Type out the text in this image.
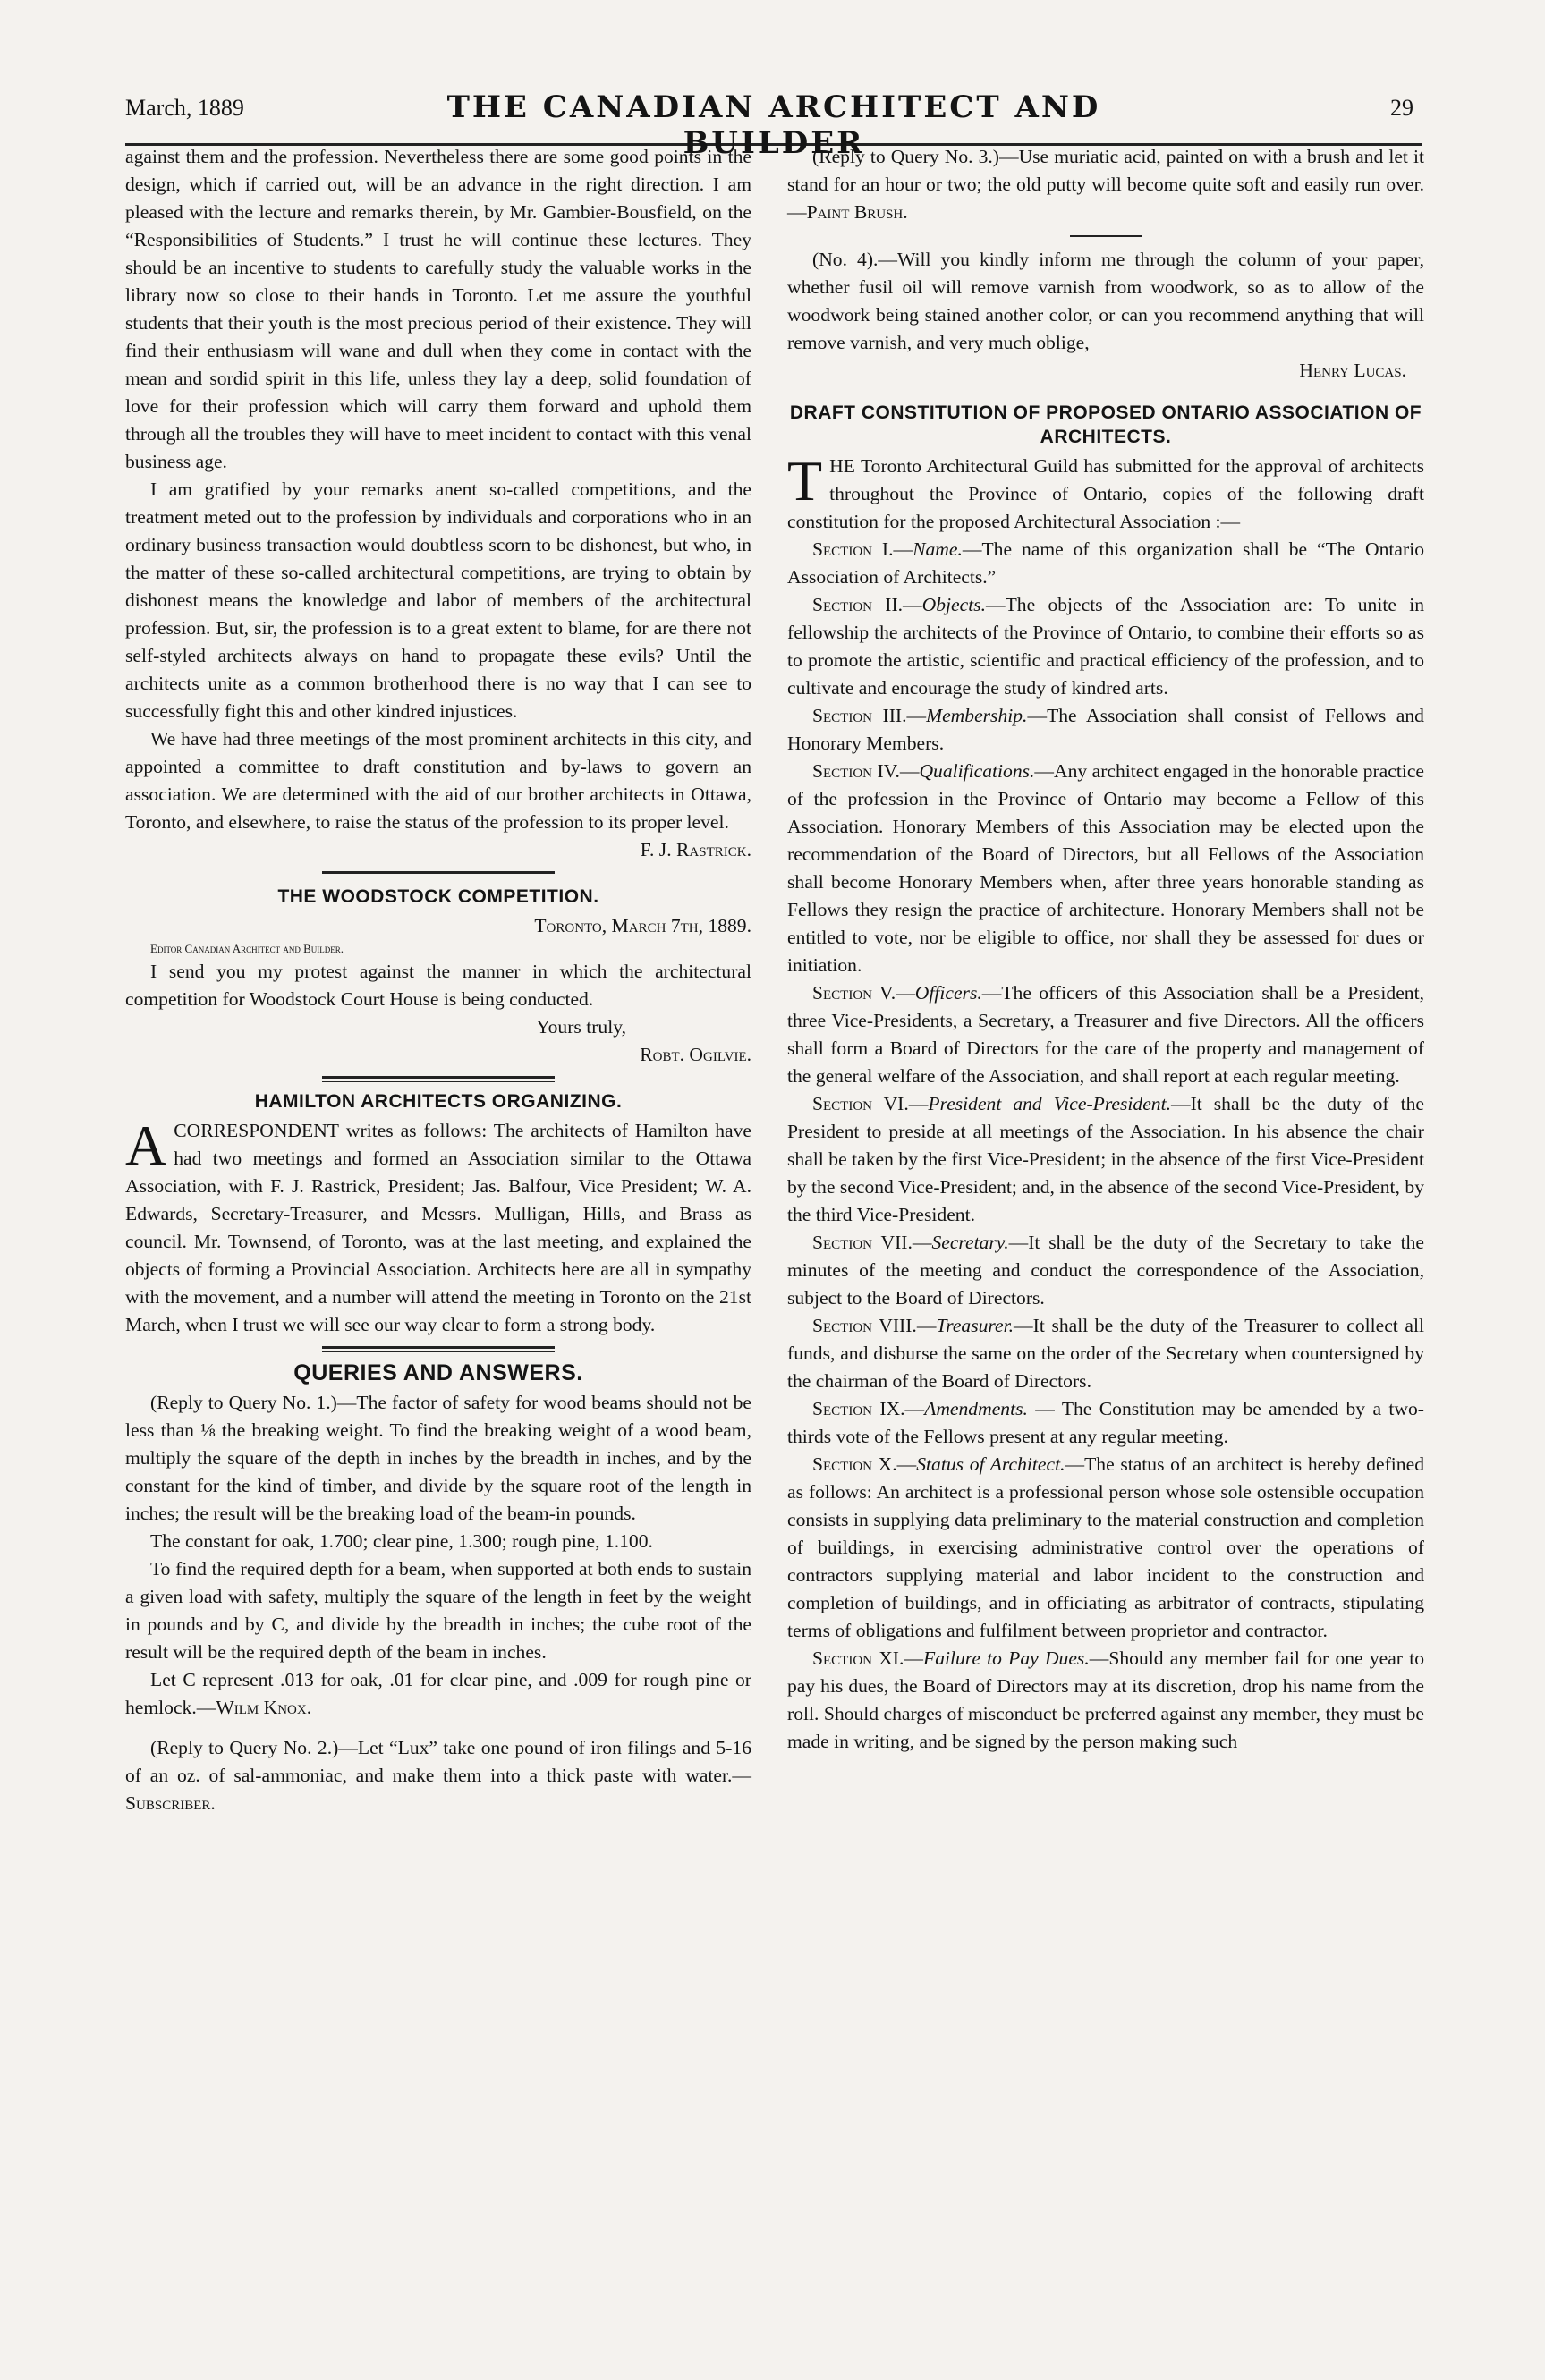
March, 1889	THE CANADIAN ARCHITECT AND BUILDER
29

against them and the profession. Nevertheless there are some good points in the design, which if carried out, will be an advance in the right direction. I am pleased with the lecture and remarks therein, by Mr. Gambier-Bousfield, on the “Responsibilities of Students.” I trust he will continue these lectures. They should be an incentive to students to carefully study the valuable works in the library now so close to their hands in Toronto. Let me assure the youthful students that their youth is the most precious period of their existence. They will find their enthusiasm will wane and dull when they come in contact with the mean and sordid spirit in this life, unless they lay a deep, solid foundation of love for their profession which will carry them forward and uphold them through all the troubles they will have to meet incident to contact with this venal business age.

I am gratified by your remarks anent so-called competitions, and the treatment meted out to the profession by individuals and corporations who in an ordinary business transaction would doubtless scorn to be dishonest, but who, in the matter of these so-called architectural competitions, are trying to obtain by dishonest means the knowledge and labor of members of the architectural profession. But, sir, the profession is to a great extent to blame, for are there not self-styled architects always on hand to propagate these evils? Until the architects unite as a common brotherhood there is no way that I can see to successfully fight this and other kindred injustices.

We have had three meetings of the most prominent architects in this city, and appointed a committee to draft constitution and by-laws to govern an association. We are determined with the aid of our brother architects in Ottawa, Toronto, and elsewhere, to raise the status of the profession to its proper level.

F. J. Rastrick.

THE WOODSTOCK COMPETITION.

Toronto, March 7th, 1889.

Editor Canadian Architect and Builder.

I send you my protest against the manner in which the architectural competition for Woodstock Court House is being conducted.

Yours truly,

Robt. Ogilvie.

HAMILTON ARCHITECTS ORGANIZING.

ACORRESPONDENT writes as follows: The architects of Hamilton have had two meetings and formed an Association similar to the Ottawa Association, with F. J. Rastrick, President; Jas. Balfour, Vice President; W. A. Edwards, Secretary-Treasurer, and Messrs. Mulligan, Hills, and Brass as council. Mr. Townsend, of Toronto, was at the last meeting, and explained the objects of forming a Provincial Association. Architects here are all in sympathy with the movement, and a number will attend the meeting in Toronto on the 21st March, when I trust we will see our way clear to form a strong body.

QUERIES AND ANSWERS.

(Reply to Query No. 1.)—The factor of safety for wood beams should not be less than ⅛ the breaking weight. To find the breaking weight of a wood beam, multiply the square of the depth in inches by the breadth in inches, and by the constant for the kind of timber, and divide by the square root of the length in inches; the result will be the breaking load of the beam-in pounds.

The constant for oak, 1.700; clear pine, 1.300; rough pine, 1.100.

To find the required depth for a beam, when supported at both ends to sustain a given load with safety, multiply the square of the length in feet by the weight in pounds and by C, and divide by the breadth in inches; the cube root of the result will be the required depth of the beam in inches.

Let C represent .013 for oak, .01 for clear pine, and .009 for rough pine or hemlock.—Wilm Knox.

(Reply to Query No. 2.)—Let “Lux” take one pound of iron filings and 5-16 of an oz. of sal-ammoniac, and make them into a thick paste with water.—Subscriber.

(Reply to Query No. 3.)—Use muriatic acid, painted on with a brush and let it stand for an hour or two; the old putty will become quite soft and easily run over.—Paint Brush.

(No. 4).—Will you kindly inform me through the column of your paper, whether fusil oil will remove varnish from woodwork, so as to allow of the woodwork being stained another color, or can you recommend anything that will remove varnish, and very much oblige,

Henry Lucas.

DRAFT CONSTITUTION OF PROPOSED ONTARIO ASSOCIATION OF ARCHITECTS.

THE Toronto Architectural Guild has submitted for the approval of architects throughout the Province of Ontario, copies of the following draft constitution for the proposed Architectural Association :—

Section I.—Name.—The name of this organization shall be “The Ontario Association of Architects.”

Section II.—Objects.—The objects of the Association are: To unite in fellowship the architects of the Province of Ontario, to combine their efforts so as to promote the artistic, scientific and practical efficiency of the profession, and to cultivate and encourage the study of kindred arts.

Section III.—Membership.—The Association shall consist of Fellows and Honorary Members.

Section IV.—Qualifications.—Any architect engaged in the honorable practice of the profession in the Province of Ontario may become a Fellow of this Association. Honorary Members of this Association may be elected upon the recommendation of the Board of Directors, but all Fellows of the Association shall become Honorary Members when, after three years honorable standing as Fellows they resign the practice of architecture. Honorary Members shall not be entitled to vote, nor be eligible to office, nor shall they be assessed for dues or initiation.

Section V.—Officers.—The officers of this Association shall be a President, three Vice-Presidents, a Secretary, a Treasurer and five Directors. All the officers shall form a Board of Directors for the care of the property and management of the general welfare of the Association, and shall report at each regular meeting.

Section VI.—President and Vice-President.—It shall be the duty of the President to preside at all meetings of the Association. In his absence the chair shall be taken by the first Vice-President; in the absence of the first Vice-President by the second Vice-President; and, in the absence of the second Vice-President, by the third Vice-President.

Section VII.—Secretary.—It shall be the duty of the Secretary to take the minutes of the meeting and conduct the correspondence of the Association, subject to the Board of Directors.

Section VIII.—Treasurer.—It shall be the duty of the Treasurer to collect all funds, and disburse the same on the order of the Secretary when countersigned by the chairman of the Board of Directors.

Section IX.—Amendments. — The Constitution may be amended by a two-thirds vote of the Fellows present at any regular meeting.

Section X.—Status of Architect.—The status of an architect is hereby defined as follows: An architect is a professional person whose sole ostensible occupation consists in supplying data preliminary to the material construction and completion of buildings, in exercising administrative control over the operations of contractors supplying material and labor incident to the construction and completion of buildings, and in officiating as arbitrator of contracts, stipulating terms of obligations and fulfilment between proprietor and contractor.

Section XI.—Failure to Pay Dues.—Should any member fail for one year to pay his dues, the Board of Directors may at its discretion, drop his name from the roll. Should charges of misconduct be preferred against any member, they must be made in writing, and be signed by the person making such
